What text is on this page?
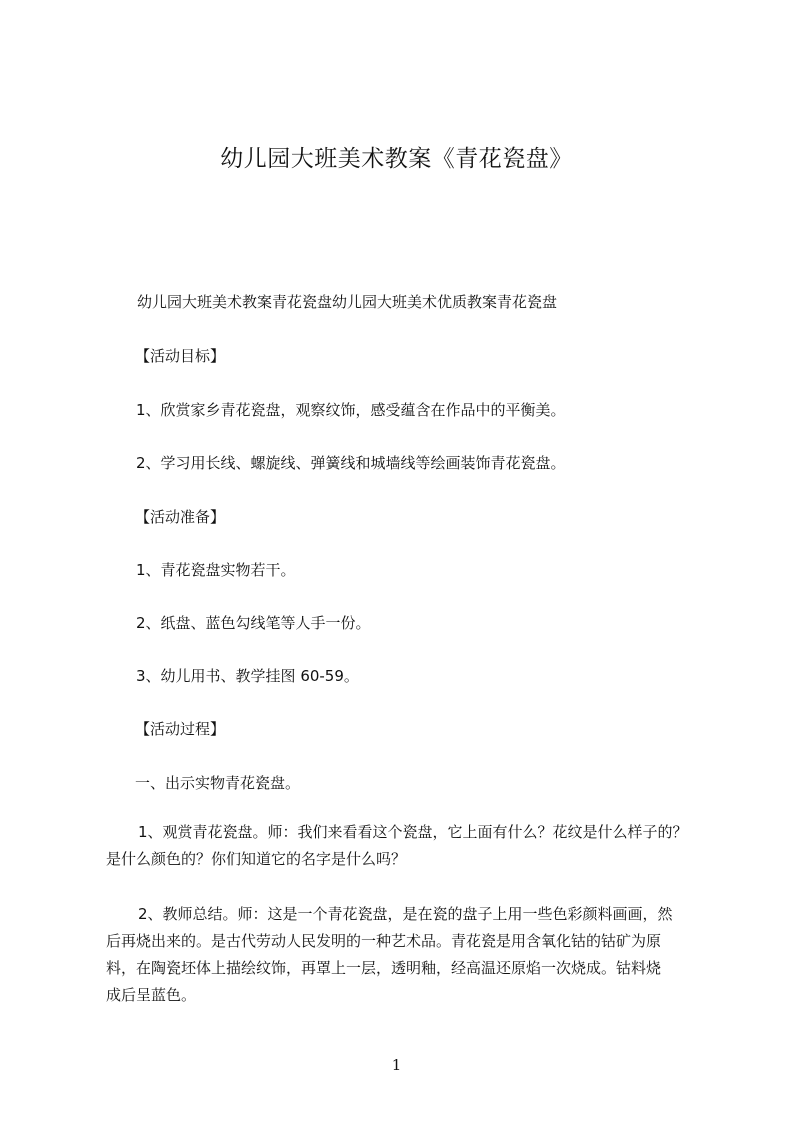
幼儿园大班美术教案《青花瓷盘》
幼儿园大班美术教案青花瓷盘幼儿园大班美术优质教案青花瓷盘
【活动目标】
1、欣赏家乡青花瓷盘，观察纹饰，感受蕴含在作品中的平衡美。
2、学习用长线、螺旋线、弹簧线和城墙线等绘画装饰青花瓷盘。
【活动准备】
1、青花瓷盘实物若干。
2、纸盘、蓝色勾线笔等人手一份。
3、幼儿用书、教学挂图 60-59。
【活动过程】
一、出示实物青花瓷盘。
1、观赏青花瓷盘。师：我们来看看这个瓷盘，它上面有什么？花纹是什么样子的？
是什么颜色的？你们知道它的名字是什么吗？
2、教师总结。师：这是一个青花瓷盘，是在瓷的盘子上用一些色彩颜料画画，然
后再烧出来的。是古代劳动人民发明的一种艺术品。青花瓷是用含氧化钴的钴矿为原
料，在陶瓷坯体上描绘纹饰，再罩上一层，透明釉，经高温还原焰一次烧成。钴料烧
成后呈蓝色。
1
